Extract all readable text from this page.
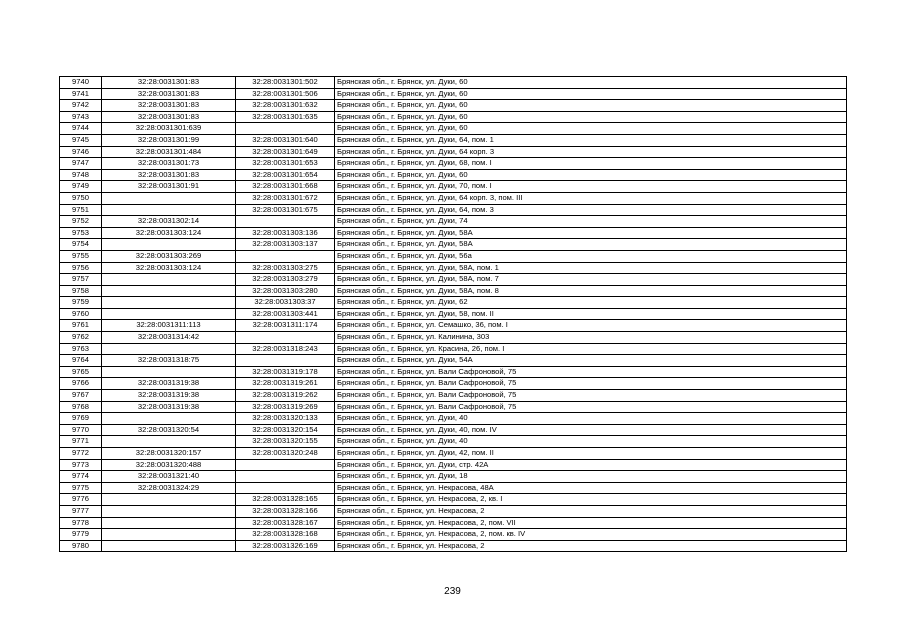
9740	32:28:0031301:83	32:28:0031301:502	Брянская обл., г. Брянск, ул. Дуки, 60
9741	32:28:0031301:83	32:28:0031301:506	Брянская обл., г. Брянск, ул. Дуки, 60
9742	32:28:0031301:83	32:28:0031301:632	Брянская обл., г. Брянск, ул. Дуки, 60
9743	32:28:0031301:83	32:28:0031301:635	Брянская обл., г. Брянск, ул. Дуки, 60
9744	32:28:0031301:639		Брянская обл., г. Брянск, ул. Дуки, 60
9745	32:28:0031301:99	32:28:0031301:640	Брянская обл., г. Брянск, ул. Дуки, 64, пом. 1
9746	32:28:0031301:484	32:28:0031301:649	Брянская обл., г. Брянск, ул. Дуки, 64 корп. 3
9747	32:28:0031301:73	32:28:0031301:653	Брянская обл., г. Брянск, ул. Дуки, 68, пом. I
9748	32:28:0031301:83	32:28:0031301:654	Брянская обл., г. Брянск, ул. Дуки, 60
9749	32:28:0031301:91	32:28:0031301:668	Брянская обл., г. Брянск, ул. Дуки, 70, пом. I
9750		32:28:0031301:672	Брянская обл., г. Брянск, ул. Дуки, 64 корп. 3, пом. III
9751		32:28:0031301:675	Брянская обл., г. Брянск, ул. Дуки, 64, пом. 3
9752	32:28:0031302:14		Брянская обл., г. Брянск, ул. Дуки, 74
9753	32:28:0031303:124	32:28:0031303:136	Брянская обл., г. Брянск, ул. Дуки, 58А
9754		32:28:0031303:137	Брянская обл., г. Брянск, ул. Дуки, 58А
9755	32:28:0031303:269		Брянская обл., г. Брянск, ул. Дуки, 56а
9756	32:28:0031303:124	32:28:0031303:275	Брянская обл., г. Брянск, ул. Дуки, 58А, пом. 1
9757		32:28:0031303:279	Брянская обл., г. Брянск, ул. Дуки, 58А, пом. 7
9758		32:28:0031303:280	Брянская обл., г. Брянск, ул. Дуки, 58А, пом. 8
9759		32:28:0031303:37	Брянская обл., г. Брянск, ул. Дуки, 62
9760		32:28:0031303:441	Брянская обл., г. Брянск, ул. Дуки, 58, пом. II
9761	32:28:0031311:113	32:28:0031311:174	Брянская обл., г. Брянск, ул. Семашко, 36, пом. I
9762	32:28:0031314:42		Брянская обл., г. Брянск, ул. Калинина, 303
9763		32:28:0031318:243	Брянская обл., г. Брянск, ул. Красина, 26, пом. I
9764	32:28:0031318:75		Брянская обл., г. Брянск, ул. Дуки, 54А
9765		32:28:0031319:178	Брянская обл., г. Брянск, ул. Вали Сафроновой, 75
9766	32:28:0031319:38	32:28:0031319:261	Брянская обл., г. Брянск, ул. Вали Сафроновой, 75
9767	32:28:0031319:38	32:28:0031319:262	Брянская обл., г. Брянск, ул. Вали Сафроновой, 75
9768	32:28:0031319:38	32:28:0031319:269	Брянская обл., г. Брянск, ул. Вали Сафроновой, 75
9769		32:28:0031320:133	Брянская обл., г. Брянск, ул. Дуки, 40
9770	32:28:0031320:54	32:28:0031320:154	Брянская обл., г. Брянск, ул. Дуки, 40, пом. IV
9771		32:28:0031320:155	Брянская обл., г. Брянск, ул. Дуки, 40
9772	32:28:0031320:157	32:28:0031320:248	Брянская обл., г. Брянск, ул. Дуки, 42, пом. II
9773	32:28:0031320:488		Брянская обл., г. Брянск, ул. Дуки, стр. 42А
9774	32:28:0031321:40		Брянская обл., г. Брянск, ул. Дуки, 18
9775	32:28:0031324:29		Брянская обл., г. Брянск, ул. Некрасова, 48А
9776		32:28:0031328:165	Брянская обл., г. Брянск, ул. Некрасова, 2, кв. I
9777		32:28:0031328:166	Брянская обл., г. Брянск, ул. Некрасова, 2
9778		32:28:0031328:167	Брянская обл., г. Брянск, ул. Некрасова, 2, пом. VII
9779		32:28:0031328:168	Брянская обл., г. Брянск, ул. Некрасова, 2, пом. кв. IV
9780		32:28:0031326:169	Брянская обл., г. Брянск, ул. Некрасова, 2
239
